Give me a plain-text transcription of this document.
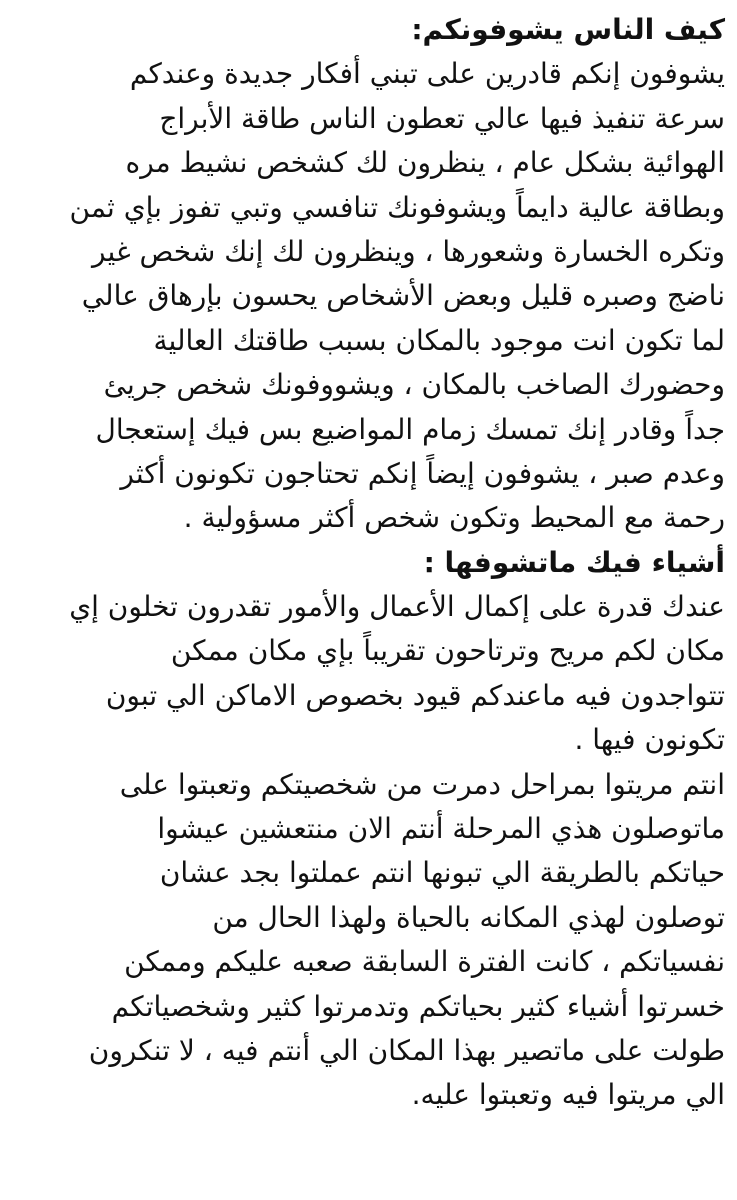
كيف الناس يشوفونكم:
يشوفون إنكم قادرين على تبني أفكار جديدة وعندكم
سرعة تنفيذ فيها عالي تعطون الناس طاقة الأبراج
الهوائية بشكل عام ، ينظرون لك كشخص نشيط مره
وبطاقة عالية دايماً ويشوفونك تنافسي وتبي تفوز بإي ثمن
وتكره الخسارة وشعورها ، وينظرون لك إنك شخص غير
ناضج وصبره قليل وبعض الأشخاص يحسون بإرهاق عالي
لما تكون انت موجود بالمكان بسبب طاقتك العالية
وحضورك الصاخب بالمكان ، ويشووفونك شخص جريئ
جداً وقادر إنك تمسك زمام المواضيع بس فيك إستعجال
وعدم صبر ، يشوفون إيضاً إنكم تحتاجون تكونون أكثر
رحمة مع المحيط وتكون شخص أكثر مسؤولية .
أشياء فيك ماتشوفها :
عندك قدرة على إكمال الأعمال والأمور تقدرون تخلون إي
مكان لكم مريح وترتاحون تقريباً بإي مكان ممكن
تتواجدون فيه ماعندكم قيود بخصوص الاماكن الي تبون
تكونون فيها .
انتم مريتوا بمراحل دمرت من شخصيتكم وتعبتوا على
ماتوصلون هذي المرحلة أنتم الان منتعشين عيشوا
حياتكم بالطريقة الي تبونها انتم عملتوا بجد عشان
توصلون لهذي المكانه بالحياة ولهذا الحال من
نفسياتكم ، كانت الفترة السابقة صعبه عليكم وممكن
خسرتوا أشياء كثير بحياتكم وتدمرتوا كثير وشخصياتكم
طولت على ماتصير بهذا المكان الي أنتم فيه ، لا تنكرون
الي مريتوا فيه وتعبتوا عليه.
